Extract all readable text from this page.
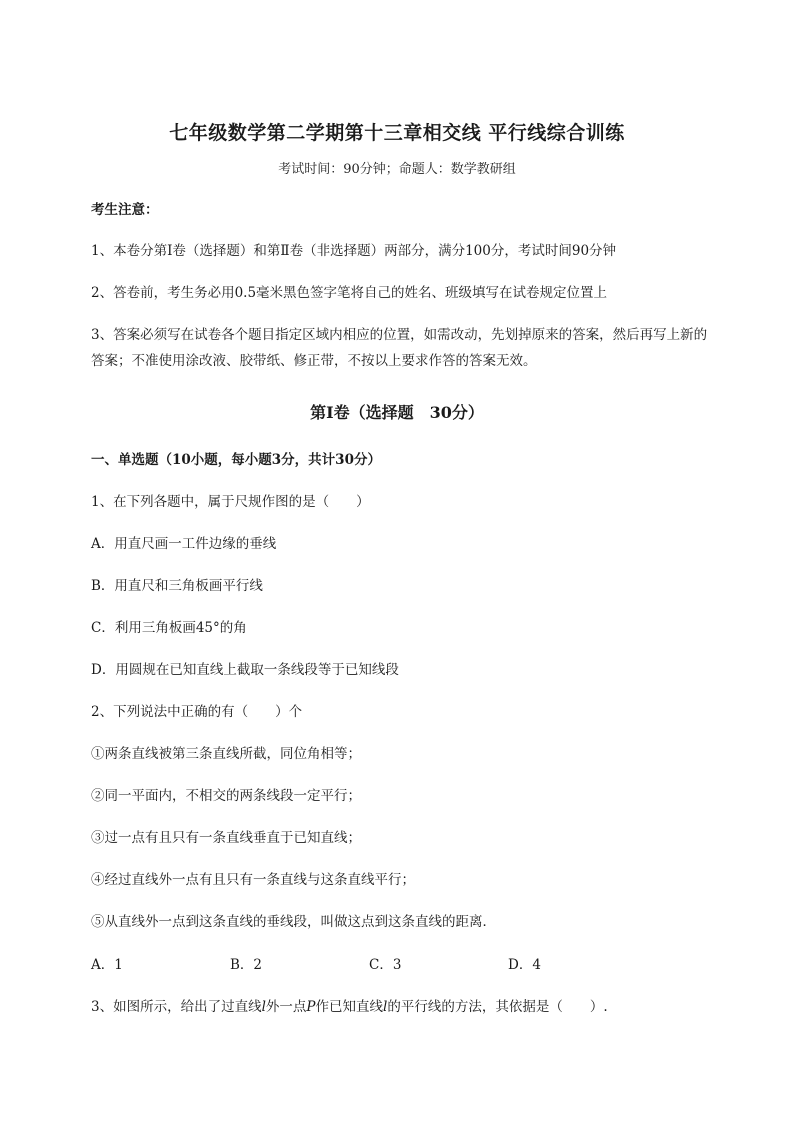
七年级数学第二学期第十三章相交线 平行线综合训练
考试时间：90分钟；命题人：数学教研组
考生注意：
1、本卷分第I卷（选择题）和第Ⅱ卷（非选择题）两部分，满分100分，考试时间90分钟
2、答卷前，考生务必用0.5毫米黑色签字笔将自己的姓名、班级填写在试卷规定位置上
3、答案必须写在试卷各个题目指定区域内相应的位置，如需改动，先划掉原来的答案，然后再写上新的答案；不准使用涂改液、胶带纸、修正带，不按以上要求作答的答案无效。
第I卷（选择题　30分）
一、单选题（10小题，每小题3分，共计30分）
1、在下列各题中，属于尺规作图的是（　　）
A．用直尺画一工件边缘的垂线
B．用直尺和三角板画平行线
C．利用三角板画45°的角
D．用圆规在已知直线上截取一条线段等于已知线段
2、下列说法中正确的有（　　）个
①两条直线被第三条直线所截，同位角相等；
②同一平面内，不相交的两条线段一定平行；
③过一点有且只有一条直线垂直于已知直线；
④经过直线外一点有且只有一条直线与这条直线平行；
⑤从直线外一点到这条直线的垂线段，叫做这点到这条直线的距离．
A．1	B．2	C．3	D．4
3、如图所示，给出了过直线l外一点P作已知直线l的平行线的方法，其依据是（　　）.
